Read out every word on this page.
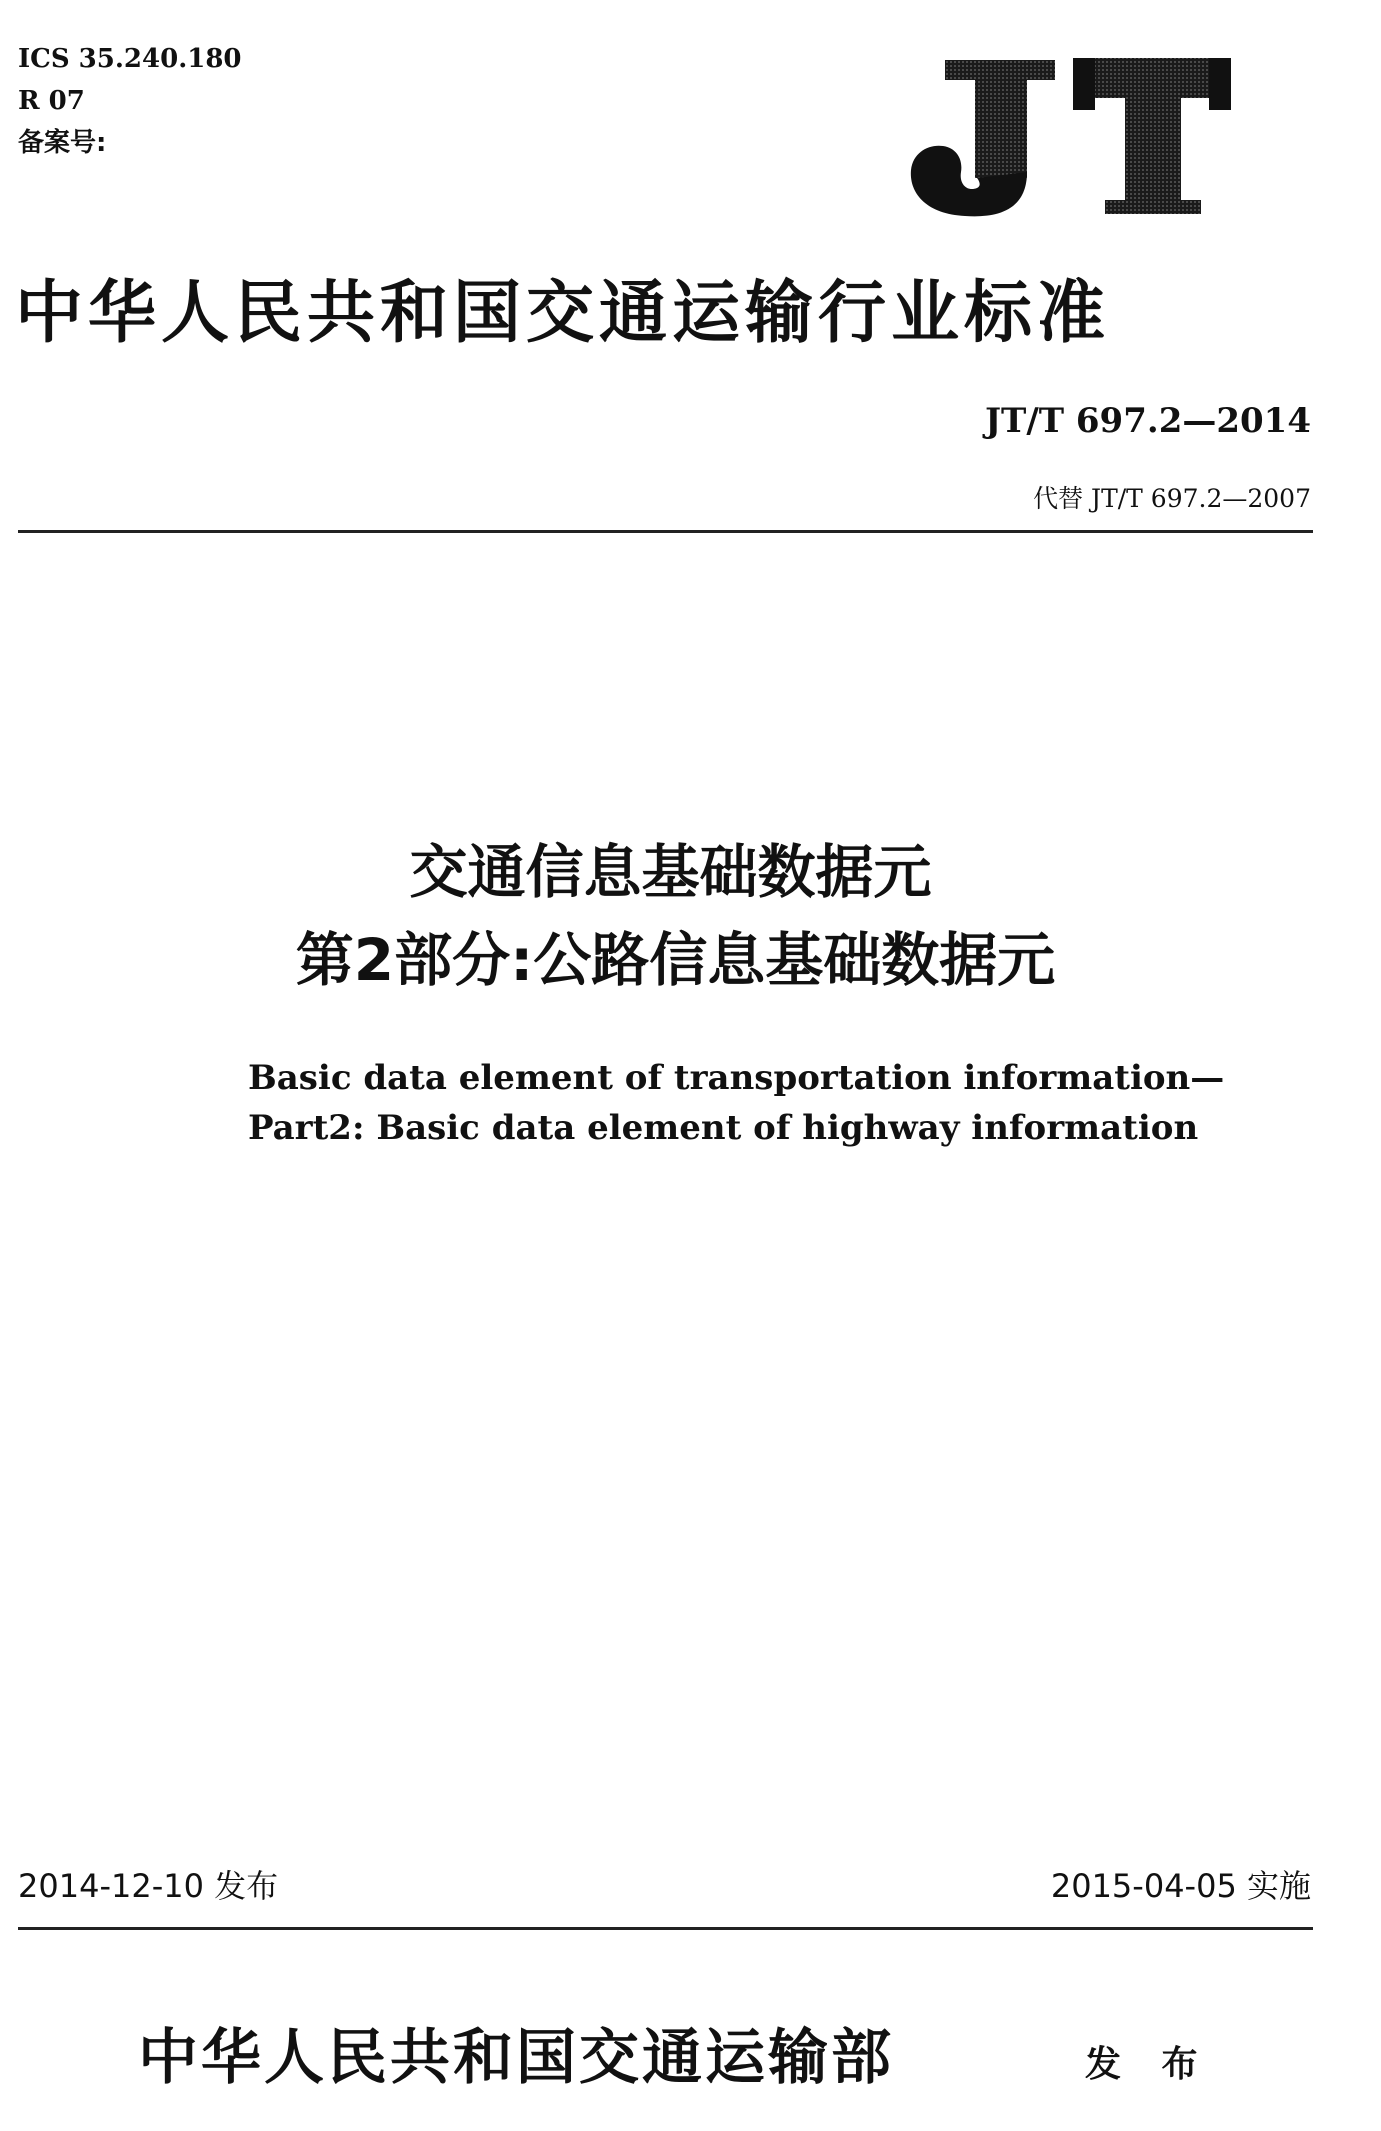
ICS 35.240.180
R 07
备案号:
中华人民共和国交通运输行业标准
JT/T 697.2—2014
代替 JT/T 697.2—2007
交通信息基础数据元
第2部分:公路信息基础数据元
Basic data element of transportation information—
Part2: Basic data element of highway information
2014-12-10 发布	2015-04-05 实施
中华人民共和国交通运输部	发 布
